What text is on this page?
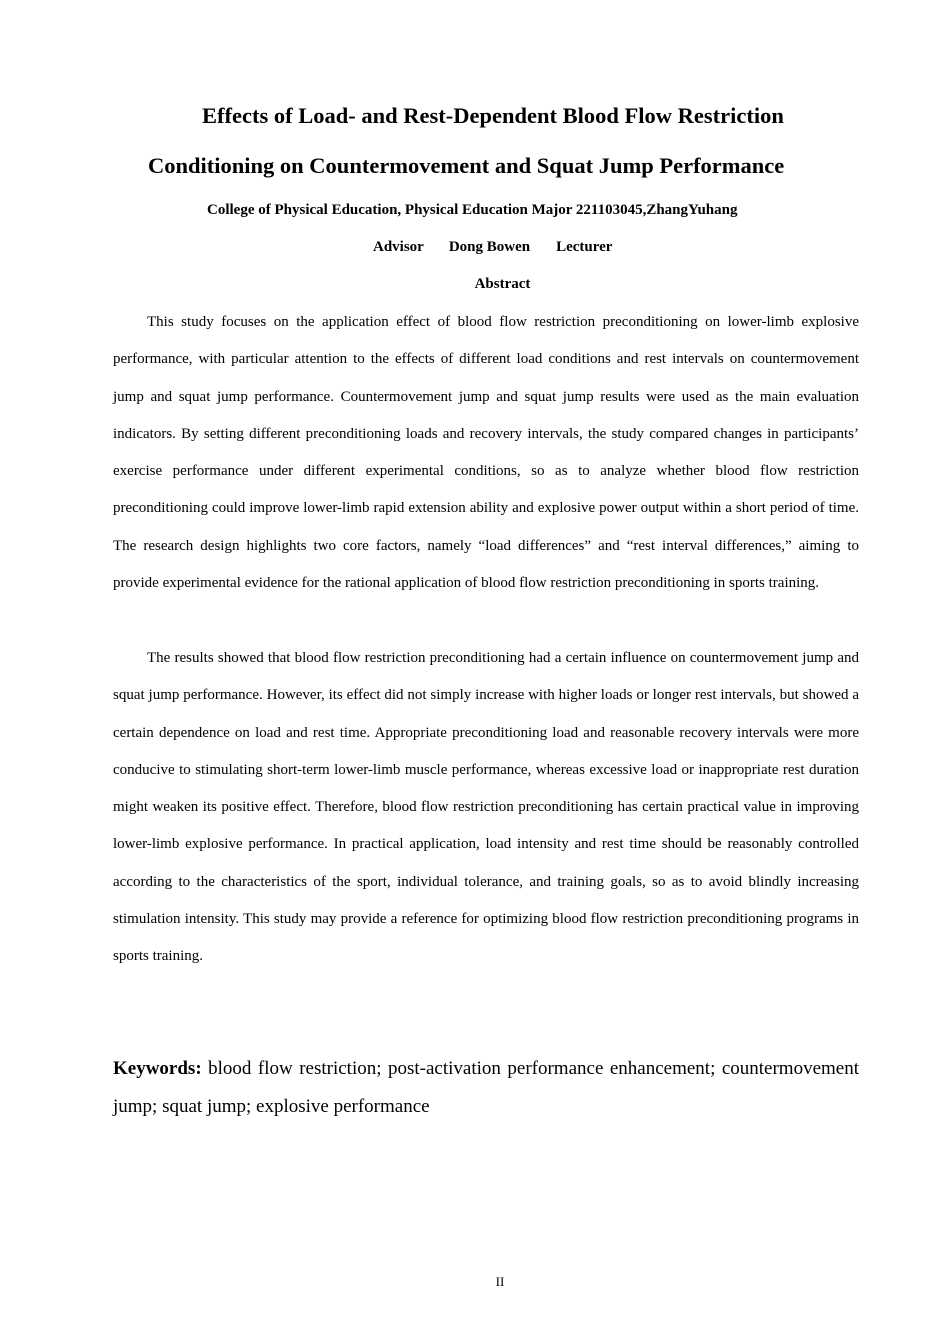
Effects of Load- and Rest-Dependent Blood Flow Restriction
Conditioning on Countermovement and Squat Jump Performance
College of Physical Education, Physical Education Major 221103045,ZhangYuhang
Advisor Dong Bowen Lecturer
Abstract

This study focuses on the application effect of blood flow restriction preconditioning on lower-limb explosive performance, with particular attention to the effects of different load conditions and rest intervals on countermovement jump and squat jump performance. Countermovement jump and squat jump results were used as the main evaluation indicators. By setting different preconditioning loads and recovery intervals, the study compared changes in participants’ exercise performance under different experimental conditions, so as to analyze whether blood flow restriction preconditioning could improve lower-limb rapid extension ability and explosive power output within a short period of time. The research design highlights two core factors, namely “load differences” and “rest interval differences,” aiming to provide experimental evidence for the rational application of blood flow restriction preconditioning in sports training.

The results showed that blood flow restriction preconditioning had a certain influence on countermovement jump and squat jump performance. However, its effect did not simply increase with higher loads or longer rest intervals, but showed a certain dependence on load and rest time. Appropriate preconditioning load and reasonable recovery intervals were more conducive to stimulating short-term lower-limb muscle performance, whereas excessive load or inappropriate rest duration might weaken its positive effect. Therefore, blood flow restriction preconditioning has certain practical value in improving lower-limb explosive performance. In practical application, load intensity and rest time should be reasonably controlled according to the characteristics of the sport, individual tolerance, and training goals, so as to avoid blindly increasing stimulation intensity. This study may provide a reference for optimizing blood flow restriction preconditioning programs in sports training.

Keywords: blood flow restriction; post-activation performance enhancement; countermovement jump; squat jump; explosive performance

II
